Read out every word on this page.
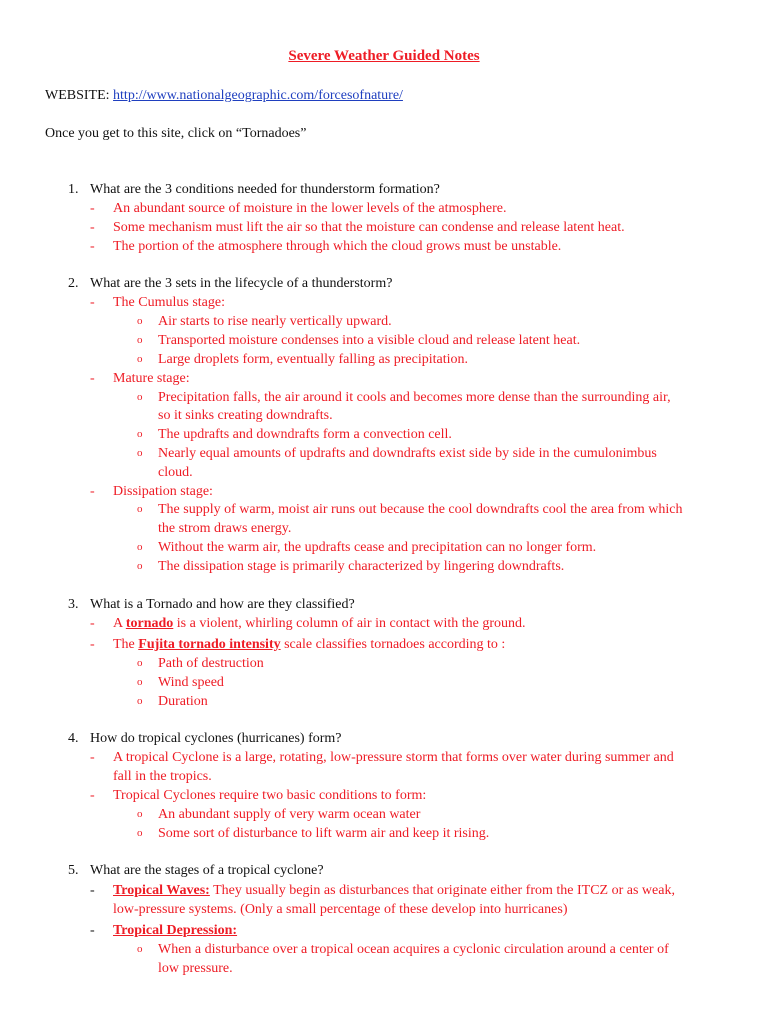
Severe Weather Guided Notes
WEBSITE: http://www.nationalgeographic.com/forcesofnature/
Once you get to this site, click on “Tornadoes”
1. What are the 3 conditions needed for thunderstorm formation?
- An abundant source of moisture in the lower levels of the atmosphere.
- Some mechanism must lift the air so that the moisture can condense and release latent heat.
- The portion of the atmosphere through which the cloud grows must be unstable.
2. What are the 3 sets in the lifecycle of a thunderstorm?
- The Cumulus stage:
o Air starts to rise nearly vertically upward.
o Transported moisture condenses into a visible cloud and release latent heat.
o Large droplets form, eventually falling as precipitation.
- Mature stage:
o Precipitation falls, the air around it cools and becomes more dense than the surrounding air,
so it sinks creating downdrafts.
o The updrafts and downdrafts form a convection cell.
o Nearly equal amounts of updrafts and downdrafts exist side by side in the cumulonimbus
cloud.
- Dissipation stage:
o The supply of warm, moist air runs out because the cool downdrafts cool the area from which
the strom draws energy.
o Without the warm air, the updrafts cease and precipitation can no longer form.
o The dissipation stage is primarily characterized by lingering downdrafts.
3. What is a Tornado and how are they classified?
- A tornado is a violent, whirling column of air in contact with the ground.
- The Fujita tornado intensity scale classifies tornadoes according to :
o Path of destruction
o Wind speed
o Duration
4. How do tropical cyclones (hurricanes) form?
- A tropical Cyclone is a large, rotating, low-pressure storm that forms over water during summer and
fall in the tropics.
- Tropical Cyclones require two basic conditions to form:
o An abundant supply of very warm ocean water
o Some sort of disturbance to lift warm air and keep it rising.
5. What are the stages of a tropical cyclone?
- Tropical Waves: They usually begin as disturbances that originate either from the ITCZ or as weak,
low-pressure systems. (Only a small percentage of these develop into hurricanes)
- Tropical Depression:
o When a disturbance over a tropical ocean acquires a cyclonic circulation around a center of
low pressure.
